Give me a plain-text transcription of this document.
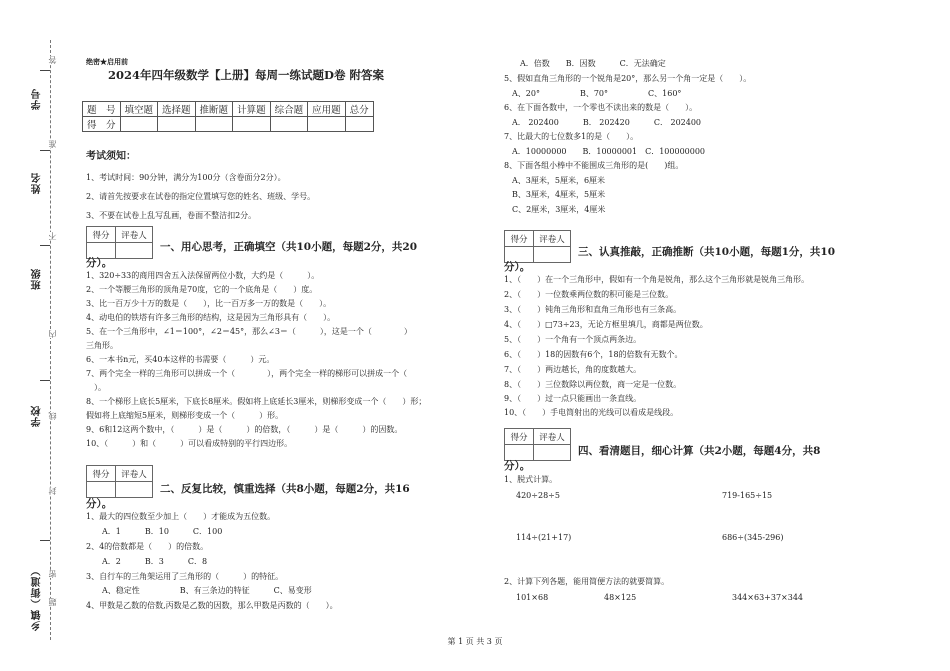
学号
姓名
班级
学校
乡镇（街道）
答
准
不
内
线
封
密
题
绝密★启用前
2024年四年级数学【上册】每周一练试题D卷 附答案
题　号	填空题	选择题	推断题	计算题	综合题	应用题	总分
得　分							
考试须知：
1、考试时间：90分钟，满分为100分（含卷面分2分）。
2、请首先按要求在试卷的指定位置填写您的姓名、班级、学号。
3、不要在试卷上乱写乱画，卷面不整洁扣2分。
得分	评卷人

一、用心思考，正确填空（共10小题，每题2分，共20
分）。
1、320÷33的商用四舍五入法保留两位小数，大约是（　　　）。
2、一个等腰三角形的顶角是70度，它的一个底角是（　　）度。
3、比一百万少十万的数是（　　），比一百万多一万的数是（　　）。
4、动电伯的铁塔有许多三角形的结构，这是因为三角形具有（　　）。
5、在一个三角形中，∠1＝100°，∠2＝45°，那么∠3＝（　　　），这是一个（　　　　）
三角形。
6、一本书n元，买40本这样的书需要（　　　）元。
7、两个完全一样的三角形可以拼成一个（　　　　），两个完全一样的梯形可以拼成一个（
　）。
8、一个梯形上底长5厘米，下底长8厘米。假如将上底延长3厘米，则梯形变成一个（　　）形；
假如将上底缩短5厘米，则梯形变成一个（　　　）形。
9、6和12这两个数中，（　　　）是（　　　）的倍数，（　　　）是（　　　）的因数。
10、（　　　）和（　　　）可以看成特别的平行四边形。
得分	评卷人

二、反复比较，慎重选择（共8小题，每题2分，共16
分）。
1、最大的四位数至少加上（　　）才能成为五位数。
　　A．1　　　B．10　　　C．100
2、4的倍数都是（　　）的倍数。
　　A．2　　　B．3　　　C．8
3、自行车的三角架运用了三角形的（　　　）的特征。
　　A、稳定性　　　　　B、有三条边的特征　　　C、易变形
4、甲数是乙数的倍数,丙数是乙数的因数，那么甲数是丙数的（　　）。
　　A．倍数　　B．因数　　　C．无法确定
5、假如直角三角形的一个锐角是20°，那么另一个角一定是（　　）。
　A、20°　　　　　B、70°　　　　　C、160°
6、在下面各数中，一个零也不读出来的数是（　　）。
　A． 202400　　　B． 202420　　　C． 202400
7、比最大的七位数多1的是（　　）。
　A．10000000　　B．10000001　C．100000000
8、下面各组小棒中不能围成三角形的是(　　)组。
　A、3厘米，5厘米，6厘米
　B、3厘米，4厘米，5厘米
　C、2厘米，3厘米，4厘米
得分	评卷人

三、认真推敲，正确推断（共10小题，每题1分，共10
分）。
1、（　　）在一个三角形中，假如有一个角是锐角，那么这个三角形就是锐角三角形。
2、（　　）一位数乘两位数的积可能是三位数。
3、（　　）钝角三角形和直角三角形也有三条高。
4、（　　）□73÷23，无论方框里填几，商都是两位数。
5、（　　）一个角有一个顶点两条边。
6、（　　）18的因数有6个，18的倍数有无数个。
7、（　　）两边越长，角的度数越大。
8、（　　）三位数除以两位数，商一定是一位数。
9、（　　）过一点只能画出一条直线。
10、（　　）手电筒射出的光线可以看成是线段。
得分	评卷人

四、看清题目，细心计算（共2小题，每题4分，共8
分）。
1、脱式计算。
420÷28÷5	719-165÷15
114÷(21+17)	686÷(345-296)
2、计算下列各题，能用简便方法的就要简算。
101×68	48×125	344×63+37×344
第 1 页 共 3 页
